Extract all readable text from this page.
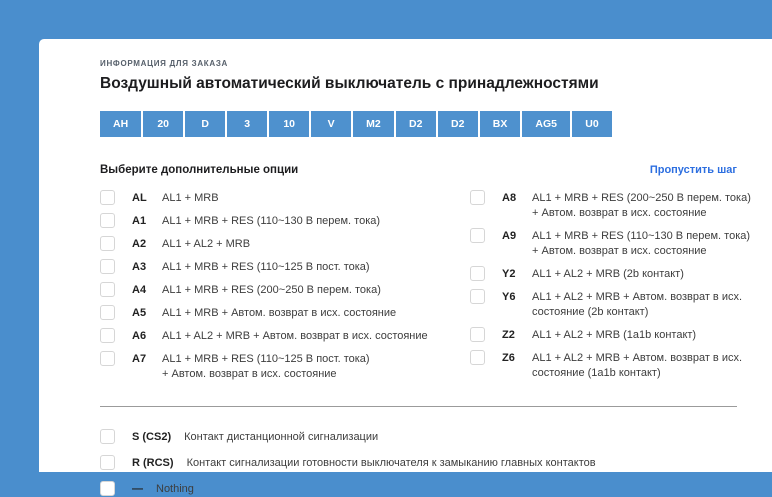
ИНФОРМАЦИЯ ДЛЯ ЗАКАЗА
Воздушный автоматический выключатель с принадлежностями
AH	20	D	3	10	V	M2	D2	D2	BX	AG5	U0
Выберите дополнительные опции	Пропустить шаг
AL	AL1 + MRB
A1	AL1 + MRB + RES (110~130 В перем. тока)
A2	AL1 + AL2 + MRB
A3	AL1 + MRB + RES (110~125 В пост. тока)
A4	AL1 + MRB + RES (200~250 В перем. тока)
A5	AL1 + MRB + Автом. возврат в исх. состояние
A6	AL1 + AL2 + MRB + Автом. возврат в исх. состояние
A7	AL1 + MRB + RES (110~125 В пост. тока)
+ Автом. возврат в исх. состояние
A8	AL1 + MRB + RES (200~250 В перем. тока)
+ Автом. возврат в исх. состояние
A9	AL1 + MRB + RES (110~130 В перем. тока)
+ Автом. возврат в исх. состояние
Y2	AL1 + AL2 + MRB (2b контакт)
Y6	AL1 + AL2 + MRB + Автом. возврат в исх.
состояние (2b контакт)
Z2	AL1 + AL2 + MRB (1a1b контакт)
Z6	AL1 + AL2 + MRB + Автом. возврат в исх.
состояние (1a1b контакт)
S (CS2) Контакт дистанционной сигнализации
R (RCS) Контакт сигнализации готовности выключателя к замыканию главных контактов
— Nothing
